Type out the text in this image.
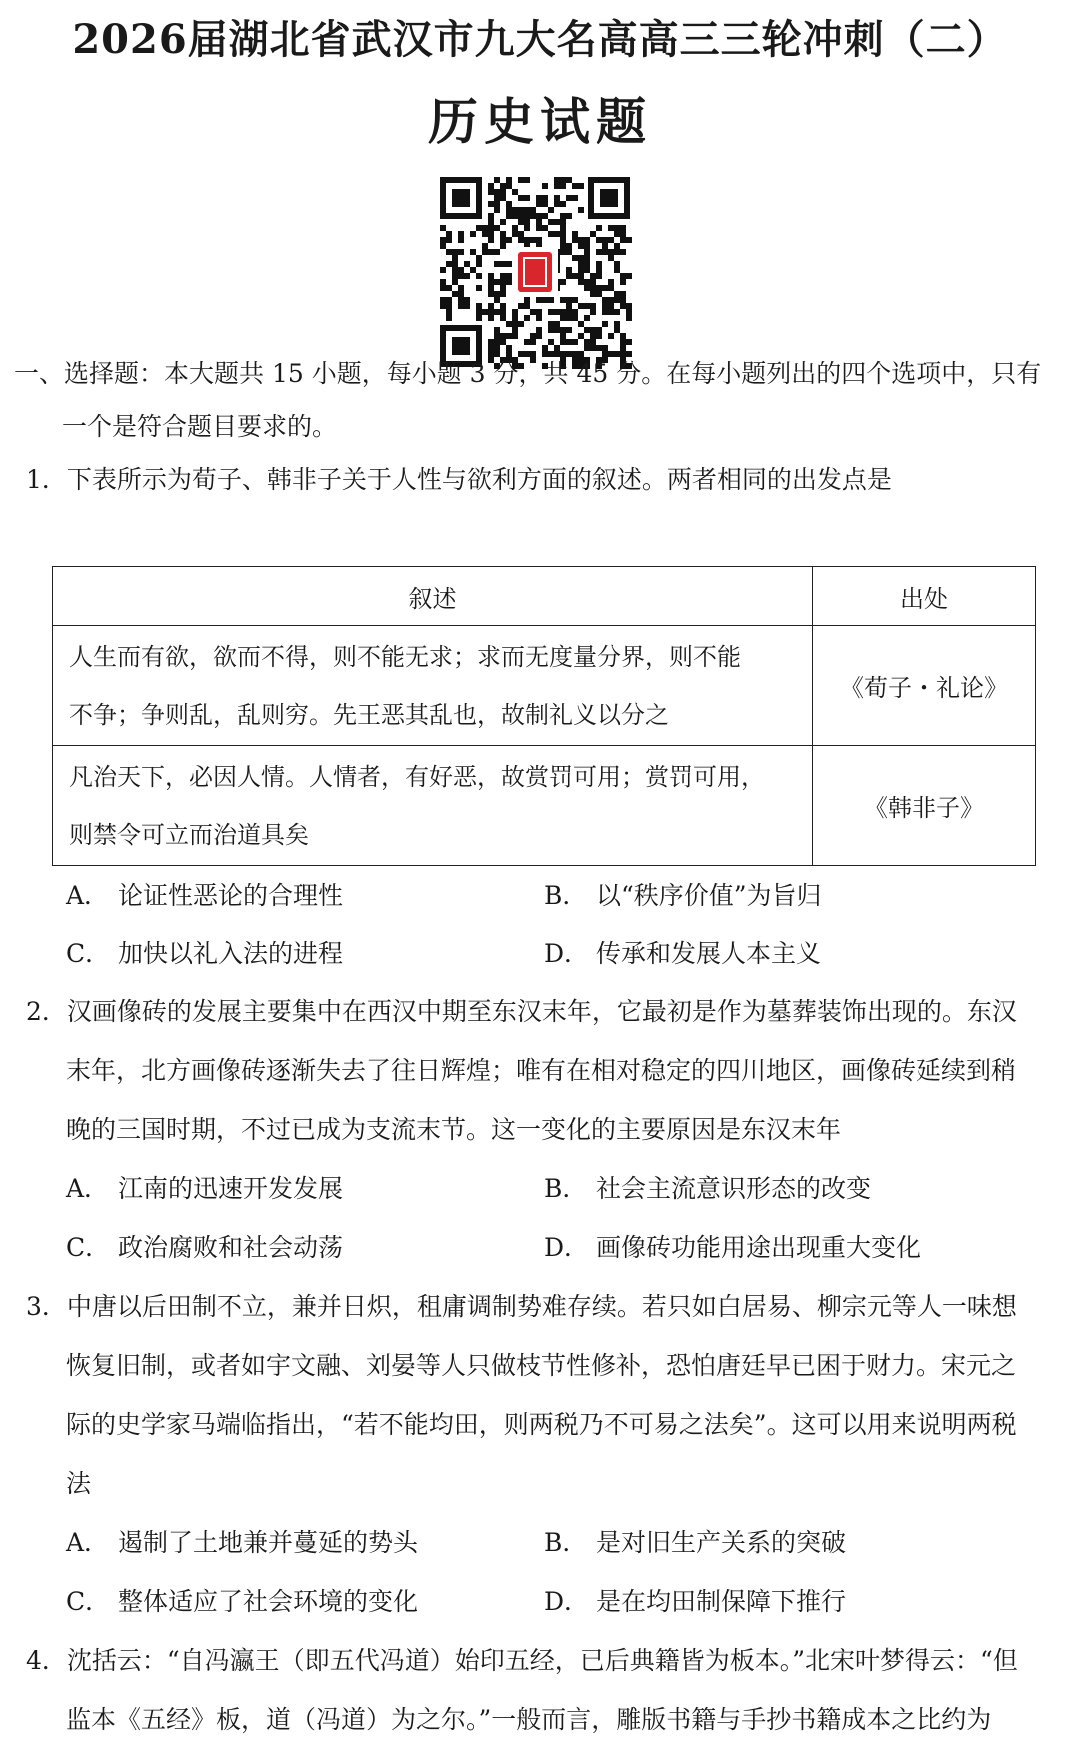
2026届湖北省武汉市九大名高高三三轮冲刺（二）
历史试题
一、选择题：本大题共 15 小题，每小题 3 分，共 45 分。在每小题列出的四个选项中，只有
一个是符合题目要求的。
1．下表所示为荀子、韩非子关于人性与欲利方面的叙述。两者相同的出发点是
叙述	出处

人生而有欲，欲而不得，则不能无求；求而无度量分界，则不能
不争；争则乱，乱则穷。先王恶其乱也，故制礼义以分之	《荀子・礼论》

凡治天下，必因人情。人情者，有好恶，故赏罚可用；赏罚可用，
则禁令可立而治道具矣	《韩非子》
A． 论证性恶论的合理性	B． 以“秩序价值”为旨归
C． 加快以礼入法的进程	D． 传承和发展人本主义
2．汉画像砖的发展主要集中在西汉中期至东汉末年，它最初是作为墓葬装饰出现的。东汉
末年，北方画像砖逐渐失去了往日辉煌；唯有在相对稳定的四川地区，画像砖延续到稍
晚的三国时期，不过已成为支流末节。这一变化的主要原因是东汉末年
A． 江南的迅速开发发展	B． 社会主流意识形态的改变
C． 政治腐败和社会动荡	D． 画像砖功能用途出现重大变化
3．中唐以后田制不立，兼并日炽，租庸调制势难存续。若只如白居易、柳宗元等人一味想
恢复旧制，或者如宇文融、刘晏等人只做枝节性修补，恐怕唐廷早已困于财力。宋元之
际的史学家马端临指出，“若不能均田，则两税乃不可易之法矣”。这可以用来说明两税
法
A． 遏制了土地兼并蔓延的势头	B． 是对旧生产关系的突破
C． 整体适应了社会环境的变化	D． 是在均田制保障下推行
4．沈括云：“自冯瀛王（即五代冯道）始印五经，已后典籍皆为板本。”北宋叶梦得云：“但
监本《五经》板，道（冯道）为之尔。”一般而言，雕版书籍与手抄书籍成本之比约为
